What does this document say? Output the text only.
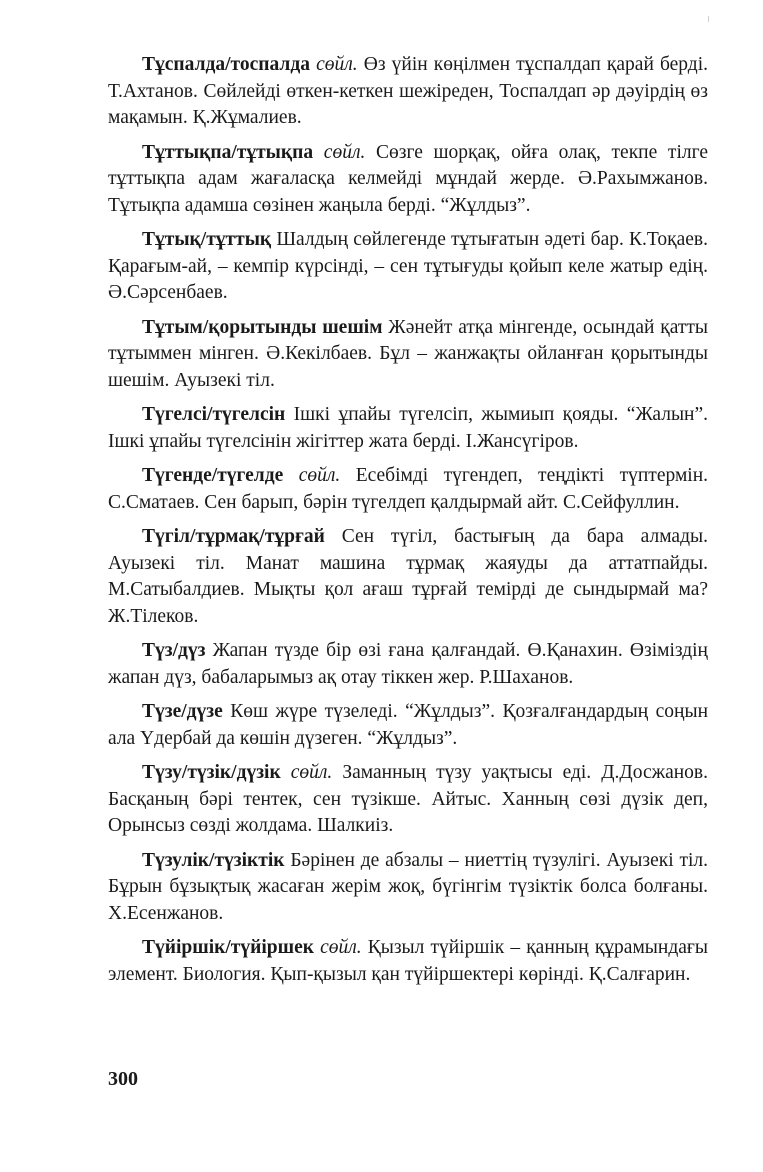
Тұспалда/тоспалда сөйл. Өз үйін көңілмен тұспалдап қарай берді. Т.Ахтанов. Сөйлейді өткен-кеткен шежіреден, Тоспалдап әр дәуірдің өз мақамын. Қ.Жұмалиев.

Тұттықпа/тұтықпа сөйл. Сөзге шорқақ, ойға олақ, текпе тілге тұттықпа адам жағаласқа келмейді мұндай жерде. Ә.Рахымжанов. Тұтықпа адамша сөзінен жаңыла берді. “Жұлдыз”.

Тұтық/тұттық Шалдың сөйлегенде тұтығатын әдеті бар. К.Тоқаев. Қарағым-ай, – кемпір күрсінді, – сен тұтығуды қойып келе жатыр едің. Ә.Сәрсенбаев.

Тұтым/қорытынды шешім Жәнейт атқа мінгенде, осындай қатты тұтыммен мінген. Ә.Кекілбаев. Бұл – жанжақты ойланған қорытынды шешім. Ауызекі тіл.

Түгелсі/түгелсін Ішкі ұпайы түгелсіп, жымиып қояды. “Жалын”. Ішкі ұпайы түгелсінін жігіттер жата берді. І.Жансүгіров.

Түгенде/түгелде сөйл. Есебімді түгендеп, теңдікті түптермін. С.Сматаев. Сен барып, бәрін түгелдеп қалдырмай айт. С.Сейфуллин.

Түгіл/тұрмақ/тұрғай Сен түгіл, бастығың да бара алмады. Ауызекі тіл. Манат машина тұрмақ жаяуды да аттатпайды. М.Сатыбалдиев. Мықты қол ағаш тұрғай темірді де сындырмай ма? Ж.Тілеков.

Түз/дүз Жапан түзде бір өзі ғана қалғандай. Ө.Қанахин. Өзіміздің жапан дүз, бабаларымыз ақ отау тіккен жер. Р.Шаханов.

Түзе/дүзе Көш жүре түзеледі. “Жұлдыз”. Қозғалғандардың соңын ала Үдербай да көшін дүзеген. “Жұлдыз”.

Түзу/түзік/дүзік сөйл. Заманның түзу уақтысы еді. Д.Досжанов. Басқаның бәрі тентек, сен түзікше. Айтыс. Ханның сөзі дүзік деп, Орынсыз сөзді жолдама. Шалкиіз.

Түзулік/түзіктік Бәрінен де абзалы – ниеттің түзулігі. Ауызекі тіл. Бұрын бұзықтық жасаған жерім жоқ, бүгінгім түзіктік болса болғаны. Х.Есенжанов.

Түйіршік/түйіршек сөйл. Қызыл түйіршік – қанның құрамындағы элемент. Биология. Қып-қызыл қан түйіршектері көрінді. Қ.Салғарин.

300
